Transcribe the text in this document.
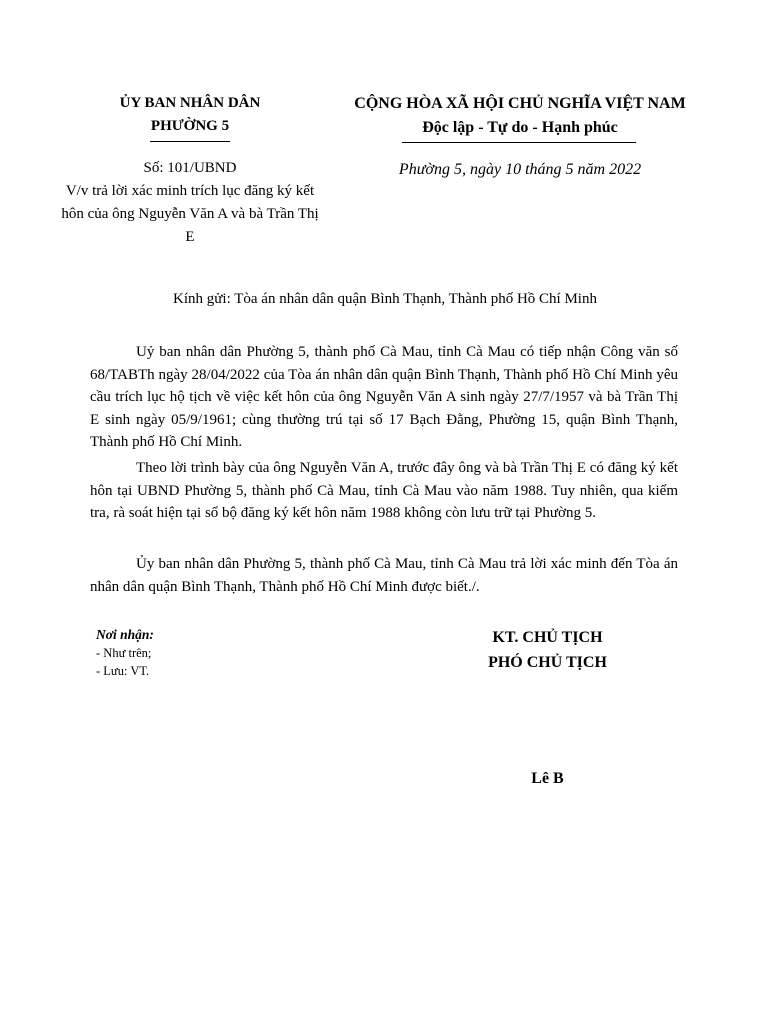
ỦY BAN NHÂN DÂN
PHƯỜNG 5
CỘNG HÒA XÃ HỘI CHỦ NGHĨA VIỆT NAM
Độc lập - Tự do - Hạnh phúc
Số: 101/UBND
V/v trả lời xác minh trích lục đăng ký kết hôn của ông Nguyễn Văn A và bà Trần Thị E
Phường 5, ngày 10 tháng 5 năm 2022
Kính gửi: Tòa án nhân dân quận Bình Thạnh, Thành phố Hồ Chí Minh

Uỷ ban nhân dân Phường 5, thành phố Cà Mau, tỉnh Cà Mau có tiếp nhận Công văn số 68/TABTh ngày 28/04/2022 của Tòa án nhân dân quận Bình Thạnh, Thành phố Hồ Chí Minh yêu cầu trích lục hộ tịch về việc kết hôn của ông Nguyễn Văn A sinh ngày 27/7/1957 và bà Trần Thị E sinh ngày 05/9/1961; cùng thường trú tại số 17 Bạch Đằng, Phường 15, quận Bình Thạnh, Thành phố Hồ Chí Minh.

Theo lời trình bày của ông Nguyễn Văn A, trước đây ông và bà Trần Thị E có đăng ký kết hôn tại UBND Phường 5, thành phố Cà Mau, tỉnh Cà Mau vào năm 1988. Tuy nhiên, qua kiểm tra, rà soát hiện tại sổ bộ đăng ký kết hôn năm 1988 không còn lưu trữ tại Phường 5.

Ủy ban nhân dân Phường 5, thành phố Cà Mau, tỉnh Cà Mau trả lời xác minh đến Tòa án nhân dân quận Bình Thạnh, Thành phố Hồ Chí Minh được biết./.

Nơi nhận:
- Như trên;
- Lưu: VT.
KT. CHỦ TỊCH
PHÓ CHỦ TỊCH
Lê B
